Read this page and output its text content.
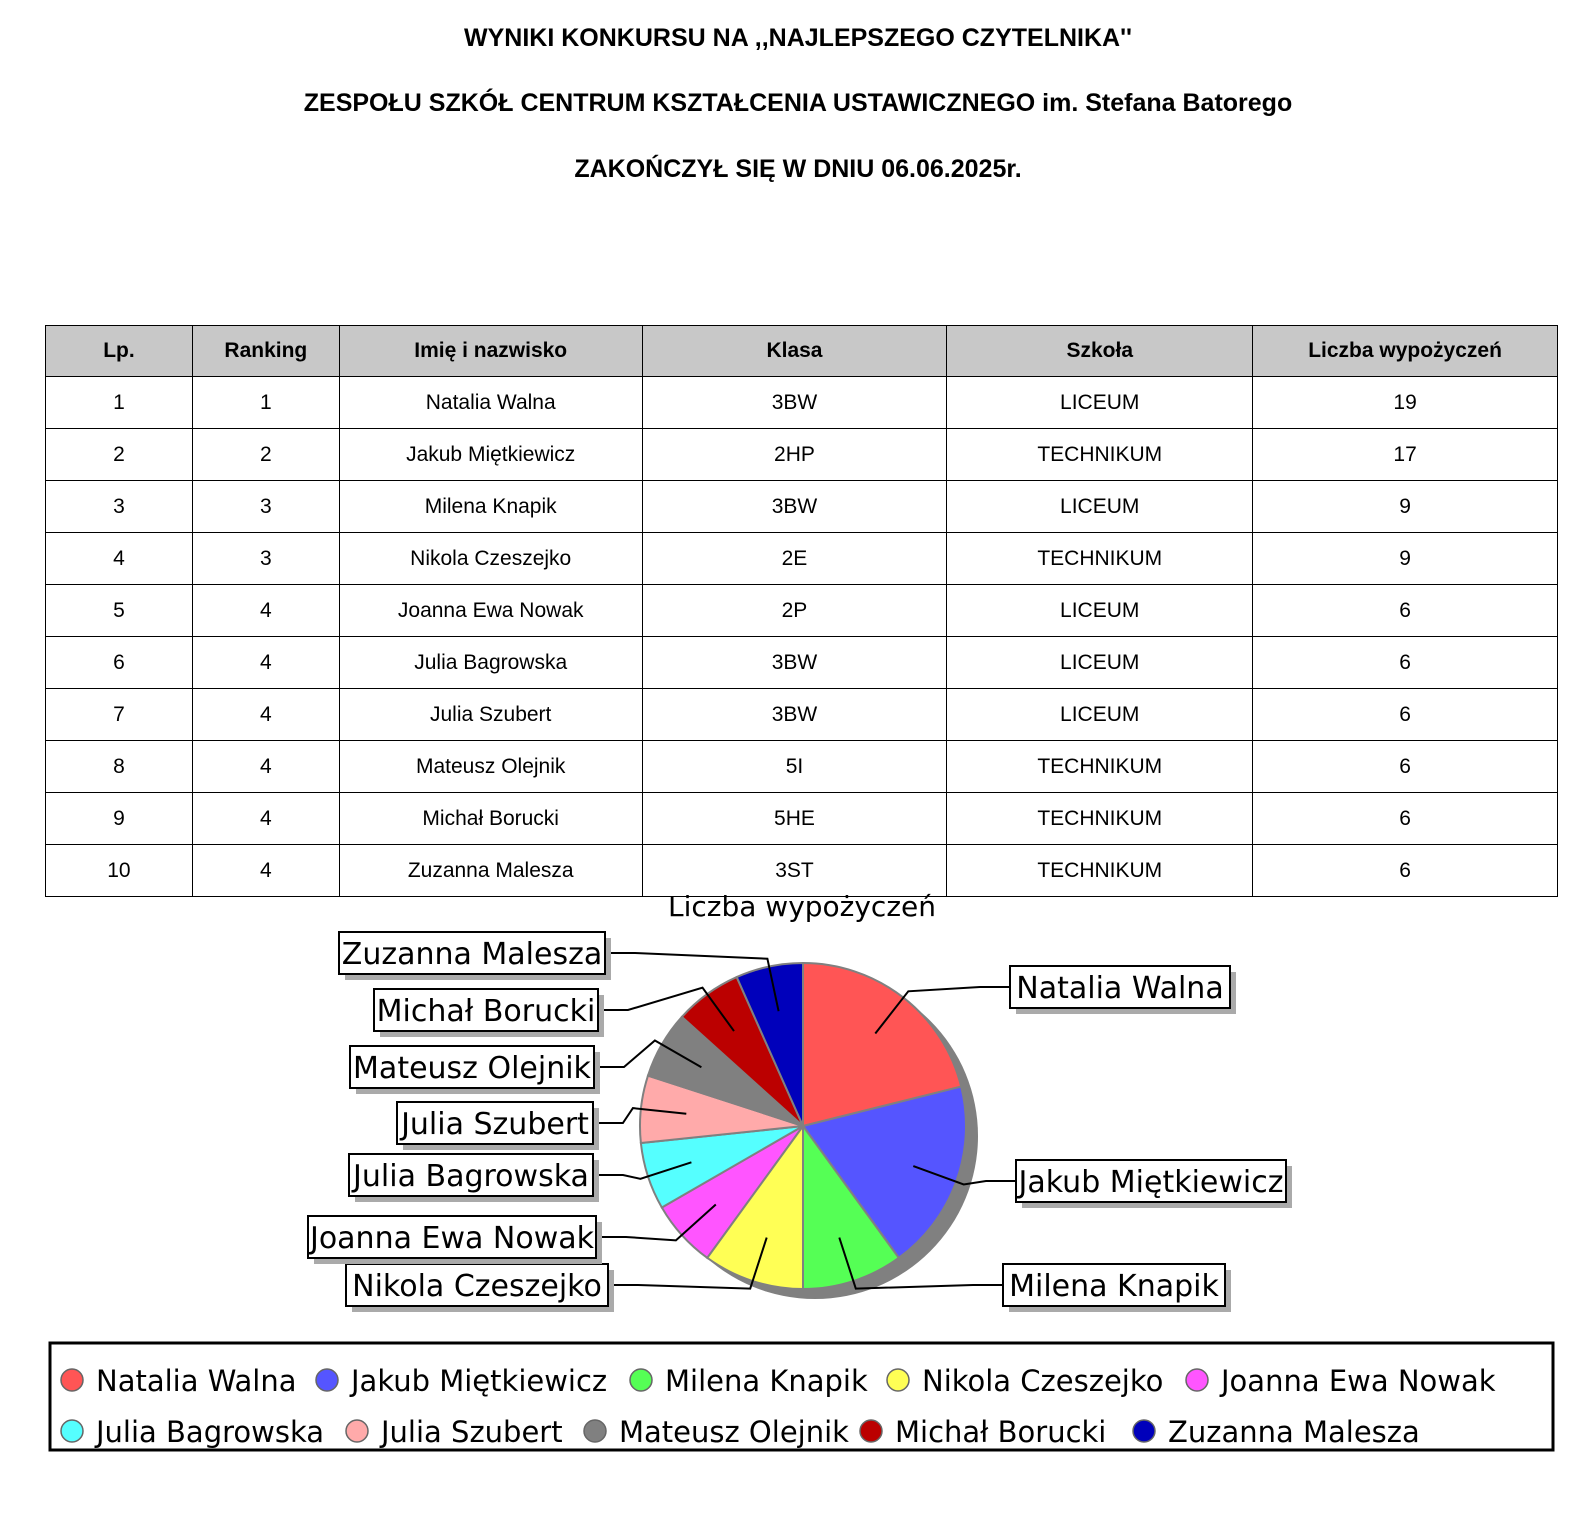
WYNIKI KONKURSU NA ,,NAJLEPSZEGO CZYTELNIKA''
ZESPOŁU SZKÓŁ CENTRUM KSZTAŁCENIA USTAWICZNEGO im. Stefana Batorego
ZAKOŃCZYŁ SIĘ W DNIU 06.06.2025r.
Lp.	Ranking	Imię i nazwisko	Klasa	Szkoła	Liczba wypożyczeń
1	1	Natalia Walna	3BW	LICEUM	19
2	2	Jakub Miętkiewicz	2HP	TECHNIKUM	17
3	3	Milena Knapik	3BW	LICEUM	9
4	3	Nikola Czeszejko	2E	TECHNIKUM	9
5	4	Joanna Ewa Nowak	2P	LICEUM	6
6	4	Julia Bagrowska	3BW	LICEUM	6
7	4	Julia Szubert	3BW	LICEUM	6
8	4	Mateusz Olejnik	5I	TECHNIKUM	6
9	4	Michał Borucki	5HE	TECHNIKUM	6
10	4	Zuzanna Malesza	3ST	TECHNIKUM	6
Liczba wypożyczeń
Natalia Walna
Jakub Miętkiewicz
Milena Knapik
Nikola Czeszejko
Joanna Ewa Nowak
Julia Bagrowska
Julia Szubert
Mateusz Olejnik
Michał Borucki
Zuzanna Malesza
Natalia Walna Jakub Miętkiewicz Milena Knapik Nikola Czeszejko Joanna Ewa Nowak
Julia Bagrowska Julia Szubert Mateusz Olejnik Michał Borucki Zuzanna Malesza
